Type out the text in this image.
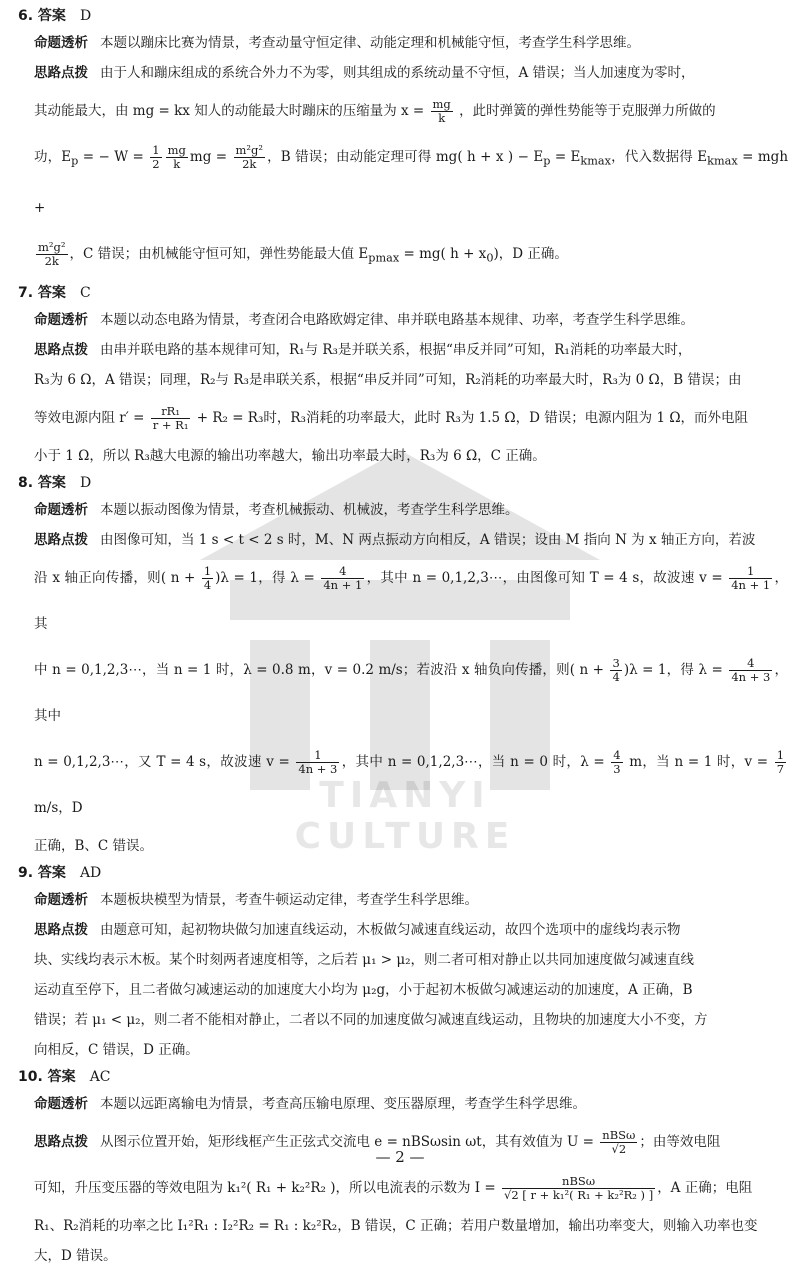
TIANYI CULTURE
6. 答案 D
命题透析 本题以蹦床比赛为情景，考查动量守恒定律、动能定理和机械能守恒，考查学生科学思维。
思路点拨 由于人和蹦床组成的系统合外力不为零，则其组成的系统动量不守恒，A 错误；当人加速度为零时，
其动能最大，由 mg = kx 知人的动能最大时蹦床的压缩量为 $x = \frac{mg}{k}$ ，此时弹簧的弹性势能等于克服弹力所做的
功，$E_p$ = − $W = \frac{1}{2} \frac{mg}{k}$ mg = $\frac{\text{m²g²}}{2k}$ ，B 错误；由动能定理可得 mg( h + x ) − $E_p = E_{kmax}$，代入数据得 $E_{kmax}$ = mgh +
$\frac{\text{m²g²}}{2k}$ ，C 错误；由机械能守恒可知，弹性势能最大值 $E_{pmax} = mg$( $h + x_0$)，D 正确。
7. 答案 C
命题透析 本题以动态电路为情景，考查闭合电路欧姆定律、串并联电路基本规律、功率，考查学生科学思维。
思路点拨 由串并联电路的基本规律可知，R₁与 R₃是并联关系，根据“串反并同”可知，R₁消耗的功率最大时，
R₃为 6 Ω，A 错误；同理，R₂与 R₃是串联关系，根据“串反并同”可知，R₂消耗的功率最大时，R₃为 0 Ω，B 错误；由
等效电源内阻 $r' = \frac{\text{rR₁}}{\text{r + R₁}} + R_2 = R_3$时，R₃消耗的功率最大，此时 R₃为 1.5 Ω，D 错误；电源内阻为 1 Ω，而外电阻
小于 1 Ω，所以 R₃越大电源的输出功率越大，输出功率最大时，R₃为 6 Ω，C 正确。
8. 答案 D
命题透析 本题以振动图像为情景，考查机械振动、机械波，考查学生科学思维。
思路点拨 由图像可知，当 1 s < t < 2 s 时，M、N 两点振动方向相反，A 错误；设由 M 指向 N 为 x 轴正方向，若波
沿 x 轴正向传播，则( $n + \frac{1}{4} )\lambda = 1$，得 $\lambda = \frac{4}{4n + 1}$ ，其中 n = 0,1,2,3⋯，由图像可知 T = 4 s，故波速 $v = \frac{1}{4n + 1}$ ，其
中 n = 0,1,2,3⋯，当 n = 1 时，λ = 0.8 m，v = 0.2 m/s；若波沿 x 轴负向传播，则( $n + \frac{3}{4} )\lambda = 1$，得 $\lambda = \frac{4}{4n + 3}$ ，其中
n = 0,1,2,3⋯，又 T = 4 s，故波速 $v = \frac{1}{4n + 3}$ ，其中 n = 0,1,2,3⋯，当 n = 0 时，$\lambda = \frac{4}{3}$ m，当 n = 1 时，$v = \frac{1}{7}$
m/s，D
正确，B、C 错误。
9. 答案 AD
命题透析 本题板块模型为情景，考查牛顿运动定律，考查学生科学思维。
思路点拨 由题意可知，起初物块做匀加速直线运动，木板做匀减速直线运动，故四个选项中的虚线均表示物
块、实线均表示木板。某个时刻两者速度相等，之后若 μ₁ > μ₂，则二者可相对静止以共同加速度做匀减速直线
运动直至停下，且二者做匀减速运动的加速度大小均为 μ₂g，小于起初木板做匀减速运动的加速度，A 正确，B
错误；若 μ₁ < μ₂，则二者不能相对静止，二者以不同的加速度做匀减速直线运动，且物块的加速度大小不变，方
向相反，C 错误，D 正确。
10. 答案 AC
命题透析 本题以远距离输电为情景，考查高压输电原理、变压器原理，考查学生科学思维。
思路点拨 从图示位置开始，矩形线框产生正弦式交流电 e = nBSωsin ωt，其有效值为 $U = \frac{\text{nBSω}}{√2}$ ；由等效电阻
可知，升压变压器的等效电阻为 k₁²( R₁ + k₂²R₂ )，所以电流表的示数为 $I = \frac{\text{nBSω}}{\text{√2 [ r + k₁²( R₁ + k₂²R₂ ) ]}}$ ，A 正确；电阻
R₁、R₂消耗的功率之比 I₁²R₁ : I₂²R₂ = R₁ : k₂²R₂，B 错误，C 正确；若用户数量增加，输出功率变大，则输入功率也变
大，D 错误。
— 2 —
